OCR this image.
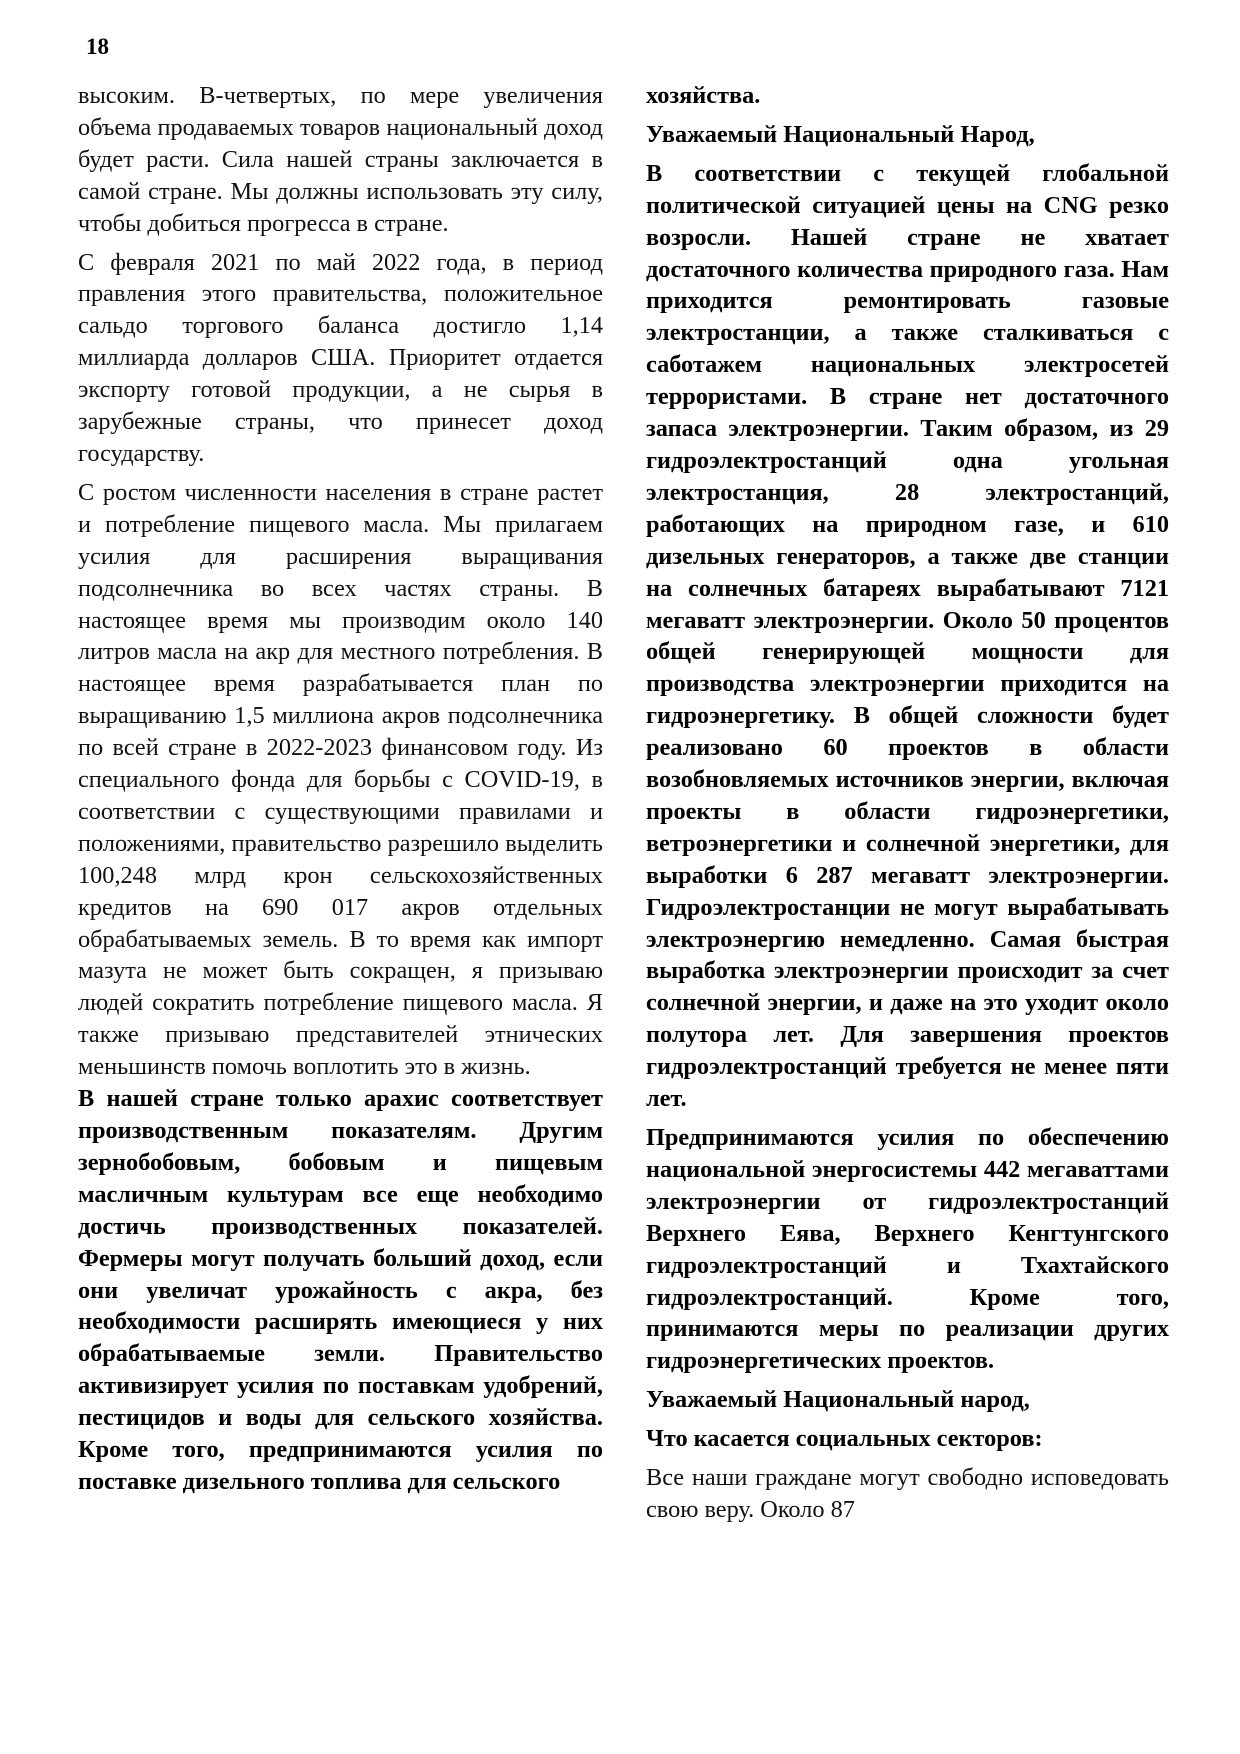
18

высоким. В-четвертых, по мере увеличения объема продаваемых товаров национальный доход будет расти. Сила нашей страны заключается в самой стране. Мы должны использовать эту силу, чтобы добиться прогресса в стране.

С февраля 2021 по май 2022 года, в период правления этого правительства, положительное сальдо торгового баланса достигло 1,14 миллиарда долларов США. Приоритет отдается экспорту готовой продукции, а не сырья в зарубежные страны, что принесет доход государству.

С ростом численности населения в стране растет и потребление пищевого масла. Мы прилагаем усилия для расширения выращивания подсолнечника во всех частях страны. В настоящее время мы производим около 140 литров масла на акр для местного потребления. В настоящее время разрабатывается план по выращиванию 1,5 миллиона акров подсолнечника по всей стране в 2022-2023 финансовом году. Из специального фонда для борьбы с COVID-19, в соответствии с существующими правилами и положениями, правительство разрешило выделить 100,248 млрд крон сельскохозяйственных кредитов на 690 017 акров отдельных обрабатываемых земель. В то время как импорт мазута не может быть сокращен, я призываю людей сократить потребление пищевого масла. Я также призываю представителей этнических меньшинств помочь воплотить это в жизнь.

В нашей стране только арахис соответствует производственным показателям. Другим зернобобовым, бобовым и пищевым масличным культурам все еще необходимо достичь производственных показателей. Фермеры могут получать больший доход, если они увеличат урожайность с акра, без необходимости расширять имеющиеся у них обрабатываемые земли. Правительство активизирует усилия по поставкам удобрений, пестицидов и воды для сельского хозяйства. Кроме того, предпринимаются усилия по поставке дизельного топлива для сельского

хозяйства.

Уважаемый Национальный Народ,

В соответствии с текущей глобальной политической ситуацией цены на CNG резко возросли. Нашей стране не хватает достаточного количества природного газа. Нам приходится ремонтировать газовые электростанции, а также сталкиваться с саботажем национальных электросетей террористами. В стране нет достаточного запаса электроэнергии. Таким образом, из 29 гидроэлектростанций одна угольная электростанция, 28 электростанций, работающих на природном газе, и 610 дизельных генераторов, а также две станции на солнечных батареях вырабатывают 7121 мегаватт электроэнергии. Около 50 процентов общей генерирующей мощности для производства электроэнергии приходится на гидроэнергетику. В общей сложности будет реализовано 60 проектов в области возобновляемых источников энергии, включая проекты в области гидроэнергетики, ветроэнергетики и солнечной энергетики, для выработки 6 287 мегаватт электроэнергии. Гидроэлектростанции не могут вырабатывать электроэнергию немедленно. Самая быстрая выработка электроэнергии происходит за счет солнечной энергии, и даже на это уходит около полутора лет. Для завершения проектов гидроэлектростанций требуется не менее пяти лет.

Предпринимаются усилия по обеспечению национальной энергосистемы 442 мегаваттами электроэнергии от гидроэлектростанций Верхнего Еява, Верхнего Кенгтунгского гидроэлектростанций и Тхахтайского гидроэлектростанций. Кроме того, принимаются меры по реализации других гидроэнергетических проектов.

Уважаемый Национальный народ,

Что касается социальных секторов:

Все наши граждане могут свободно исповедовать свою веру. Около 87
